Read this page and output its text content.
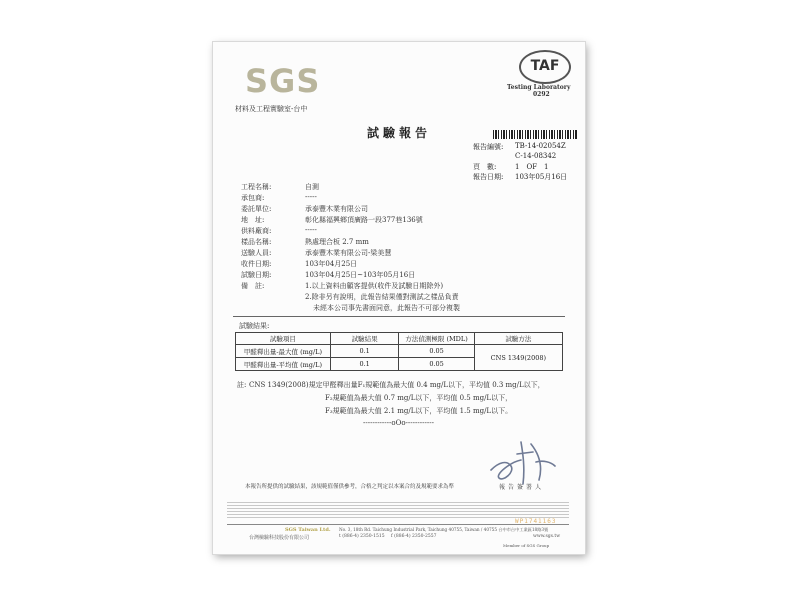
SGS
材料及工程實驗室-台中
TAF
Testing Laboratory
0292
試驗報告
報告編號: TB-14-02054Z
C-14-08342
頁　數:	1　OF　1
報告日期: 103年05月16日
工程名稱:	自測
承包商:	-----
委託單位:	承泰豐木業有限公司
地　址:	彰化縣福興鄉頂廣路一段377巷136號
供料廠商:	-----
樣品名稱:	熱處理合板 2.7 mm
送驗人員:	承泰豐木業有限公司-梁美慧
收件日期:	103年04月25日
試驗日期:	103年04月25日~103年05月16日
備　註:	1.以上資料由顧客提供(收件及試驗日期除外)
2.除非另有說明，此報告結果僅對測試之樣品負責
未經本公司事先書面同意，此報告不可部分複製
試驗結果:
試驗項目	試驗結果	方法偵測極限 (MDL)	試驗方法
甲醛釋出量-最大值 (mg/L)	0.1	0.05	CNS 1349(2008)
甲醛釋出量-平均值 (mg/L)	0.1	0.05	
註: CNS 1349(2008)規定甲醛釋出量F₁規範值為最大值 0.4 mg/L以下，平均值 0.3 mg/L以下，
F₂規範值為最大值 0.7 mg/L以下，平均值 0.5 mg/L以下，
F₃規範值為最大值 2.1 mg/L以下，平均值 1.5 mg/L以下。
------------oOo------------
本報告所提供的試驗結果，該規範值僅供參考，合格之判定以本案合約及規範要求為準	報告簽署人
WP1741163
SGS Taiwan Ltd.
台灣檢驗科技股份有限公司
No. 3, 18th Rd. Taichung Industrial Park, Taichung 40755, Taiwan / 40755 台中市台中工業區18路3號
t (886-4) 2350-1515 f (886-4) 2350-2557	www.sgs.tw
Member of SGS Group
